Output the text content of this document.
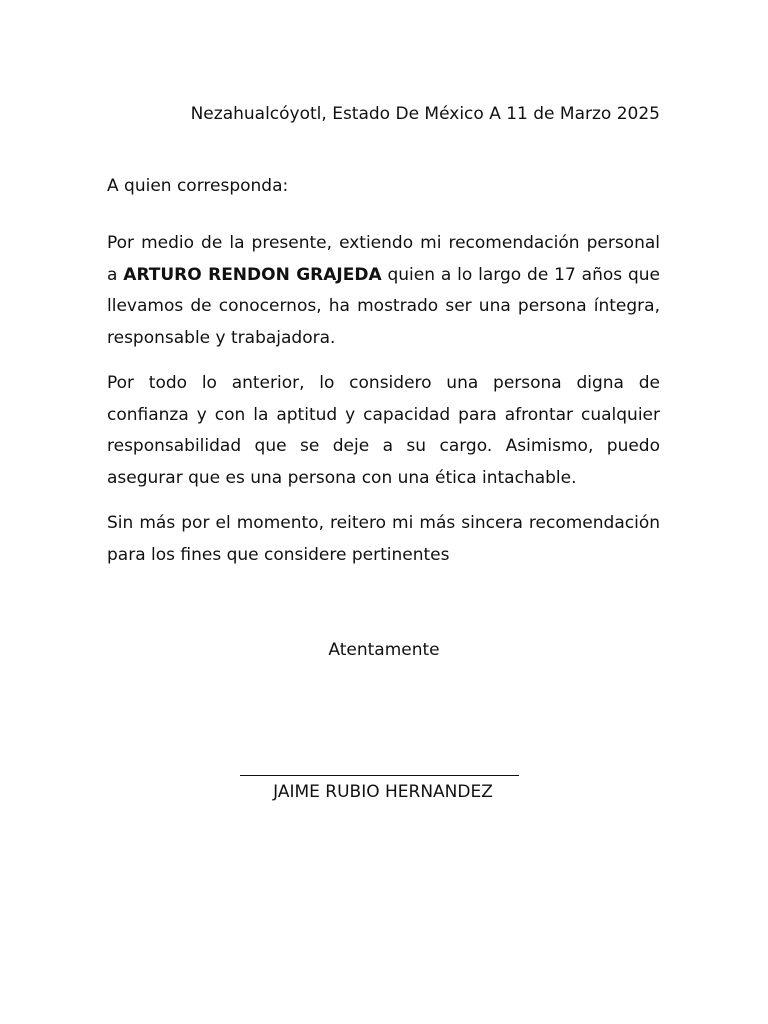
Nezahualcóyotl, Estado De México A 11 de Marzo 2025

A quien corresponda:

Por medio de la presente, extiendo mi recomendación personal a ARTURO RENDON GRAJEDA quien a lo largo de 17 años que llevamos de conocernos, ha mostrado ser una persona íntegra, responsable y trabajadora.

Por todo lo anterior, lo considero una persona digna de confianza y con la aptitud y capacidad para afrontar cualquier responsabilidad que se deje a su cargo. Asimismo, puedo asegurar que es una persona con una ética intachable.

Sin más por el momento, reitero mi más sincera recomendación para los fines que considere pertinentes

Atentamente

JAIME RUBIO HERNANDEZ
